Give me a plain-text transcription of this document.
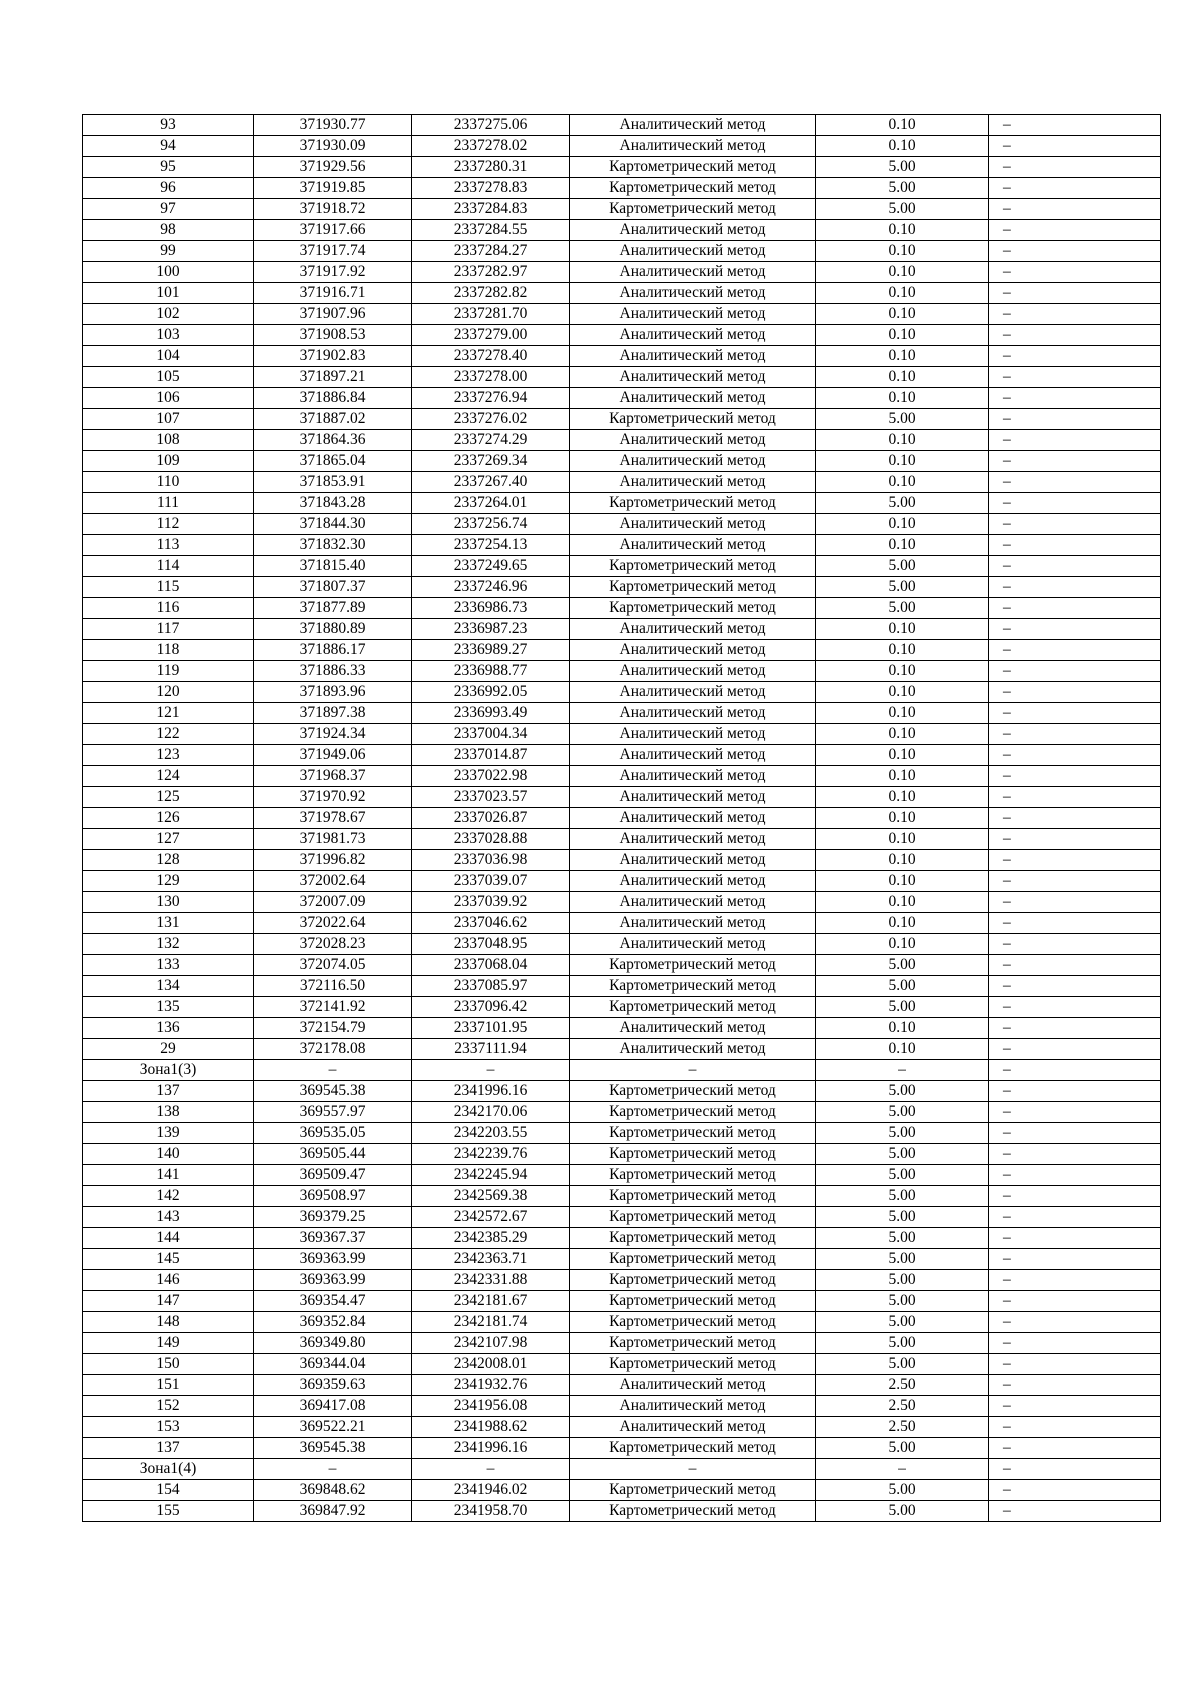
93	371930.77	2337275.06	Аналитический метод	0.10	–
94	371930.09	2337278.02	Аналитический метод	0.10	–
95	371929.56	2337280.31	Картометрический метод	5.00	–
96	371919.85	2337278.83	Картометрический метод	5.00	–
97	371918.72	2337284.83	Картометрический метод	5.00	–
98	371917.66	2337284.55	Аналитический метод	0.10	–
99	371917.74	2337284.27	Аналитический метод	0.10	–
100	371917.92	2337282.97	Аналитический метод	0.10	–
101	371916.71	2337282.82	Аналитический метод	0.10	–
102	371907.96	2337281.70	Аналитический метод	0.10	–
103	371908.53	2337279.00	Аналитический метод	0.10	–
104	371902.83	2337278.40	Аналитический метод	0.10	–
105	371897.21	2337278.00	Аналитический метод	0.10	–
106	371886.84	2337276.94	Аналитический метод	0.10	–
107	371887.02	2337276.02	Картометрический метод	5.00	–
108	371864.36	2337274.29	Аналитический метод	0.10	–
109	371865.04	2337269.34	Аналитический метод	0.10	–
110	371853.91	2337267.40	Аналитический метод	0.10	–
111	371843.28	2337264.01	Картометрический метод	5.00	–
112	371844.30	2337256.74	Аналитический метод	0.10	–
113	371832.30	2337254.13	Аналитический метод	0.10	–
114	371815.40	2337249.65	Картометрический метод	5.00	–
115	371807.37	2337246.96	Картометрический метод	5.00	–
116	371877.89	2336986.73	Картометрический метод	5.00	–
117	371880.89	2336987.23	Аналитический метод	0.10	–
118	371886.17	2336989.27	Аналитический метод	0.10	–
119	371886.33	2336988.77	Аналитический метод	0.10	–
120	371893.96	2336992.05	Аналитический метод	0.10	–
121	371897.38	2336993.49	Аналитический метод	0.10	–
122	371924.34	2337004.34	Аналитический метод	0.10	–
123	371949.06	2337014.87	Аналитический метод	0.10	–
124	371968.37	2337022.98	Аналитический метод	0.10	–
125	371970.92	2337023.57	Аналитический метод	0.10	–
126	371978.67	2337026.87	Аналитический метод	0.10	–
127	371981.73	2337028.88	Аналитический метод	0.10	–
128	371996.82	2337036.98	Аналитический метод	0.10	–
129	372002.64	2337039.07	Аналитический метод	0.10	–
130	372007.09	2337039.92	Аналитический метод	0.10	–
131	372022.64	2337046.62	Аналитический метод	0.10	–
132	372028.23	2337048.95	Аналитический метод	0.10	–
133	372074.05	2337068.04	Картометрический метод	5.00	–
134	372116.50	2337085.97	Картометрический метод	5.00	–
135	372141.92	2337096.42	Картометрический метод	5.00	–
136	372154.79	2337101.95	Аналитический метод	0.10	–
29	372178.08	2337111.94	Аналитический метод	0.10	–
Зона1(3)	–	–	–	–	–
137	369545.38	2341996.16	Картометрический метод	5.00	–
138	369557.97	2342170.06	Картометрический метод	5.00	–
139	369535.05	2342203.55	Картометрический метод	5.00	–
140	369505.44	2342239.76	Картометрический метод	5.00	–
141	369509.47	2342245.94	Картометрический метод	5.00	–
142	369508.97	2342569.38	Картометрический метод	5.00	–
143	369379.25	2342572.67	Картометрический метод	5.00	–
144	369367.37	2342385.29	Картометрический метод	5.00	–
145	369363.99	2342363.71	Картометрический метод	5.00	–
146	369363.99	2342331.88	Картометрический метод	5.00	–
147	369354.47	2342181.67	Картометрический метод	5.00	–
148	369352.84	2342181.74	Картометрический метод	5.00	–
149	369349.80	2342107.98	Картометрический метод	5.00	–
150	369344.04	2342008.01	Картометрический метод	5.00	–
151	369359.63	2341932.76	Аналитический метод	2.50	–
152	369417.08	2341956.08	Аналитический метод	2.50	–
153	369522.21	2341988.62	Аналитический метод	2.50	–
137	369545.38	2341996.16	Картометрический метод	5.00	–
Зона1(4)	–	–	–	–	–
154	369848.62	2341946.02	Картометрический метод	5.00	–
155	369847.92	2341958.70	Картометрический метод	5.00	–
